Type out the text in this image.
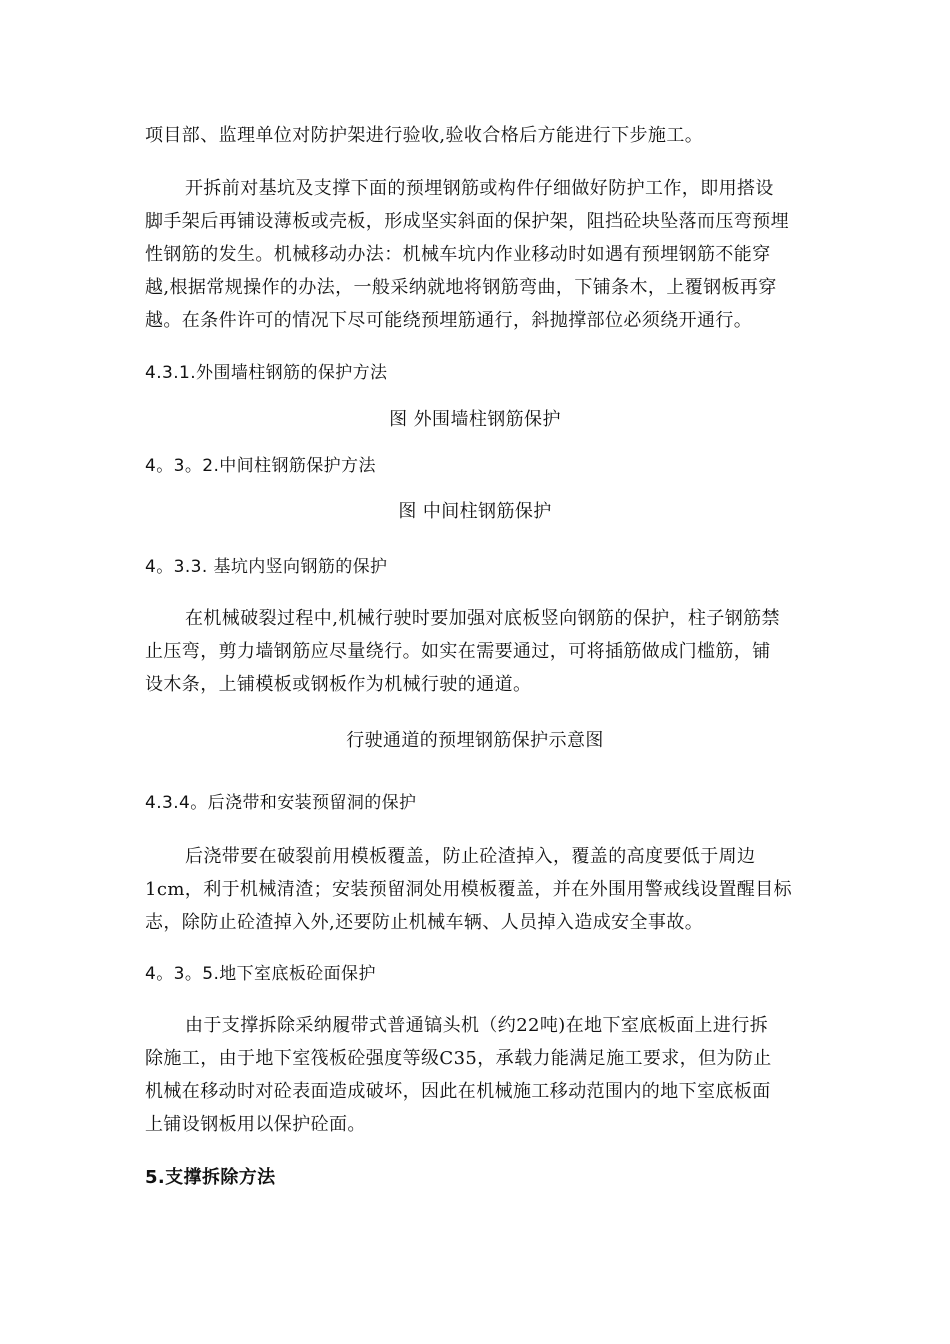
项目部、监理单位对防护架进行验收,验收合格后方能进行下步施工。
开拆前对基坑及支撑下面的预埋钢筋或构件仔细做好防护工作，即用搭设
脚手架后再铺设薄板或壳板，形成坚实斜面的保护架，阻挡砼块坠落而压弯预埋
性钢筋的发生。机械移动办法：机械车坑内作业移动时如遇有预埋钢筋不能穿
越,根据常规操作的办法，一般采纳就地将钢筋弯曲，下铺条木，上覆钢板再穿
越。在条件许可的情况下尽可能绕预埋筋通行，斜抛撑部位必须绕开通行。
4.3.1.外围墙柱钢筋的保护方法
图 外围墙柱钢筋保护
4。3。2.中间柱钢筋保护方法
图 中间柱钢筋保护
4。3.3. 基坑内竖向钢筋的保护
在机械破裂过程中,机械行驶时要加强对底板竖向钢筋的保护，柱子钢筋禁
止压弯，剪力墙钢筋应尽量绕行。如实在需要通过，可将插筋做成门槛筋，铺
设木条，上铺模板或钢板作为机械行驶的通道。
行驶通道的预埋钢筋保护示意图
4.3.4。后浇带和安装预留洞的保护
后浇带要在破裂前用模板覆盖，防止砼渣掉入，覆盖的高度要低于周边
1cm，利于机械清渣；安装预留洞处用模板覆盖，并在外围用警戒线设置醒目标
志，除防止砼渣掉入外,还要防止机械车辆、人员掉入造成安全事故。
4。3。5.地下室底板砼面保护
由于支撑拆除采纳履带式普通镐头机（约22吨)在地下室底板面上进行拆
除施工，由于地下室筏板砼强度等级C35，承载力能满足施工要求，但为防止
机械在移动时对砼表面造成破坏，因此在机械施工移动范围内的地下室底板面
上铺设钢板用以保护砼面。
5.支撑拆除方法
